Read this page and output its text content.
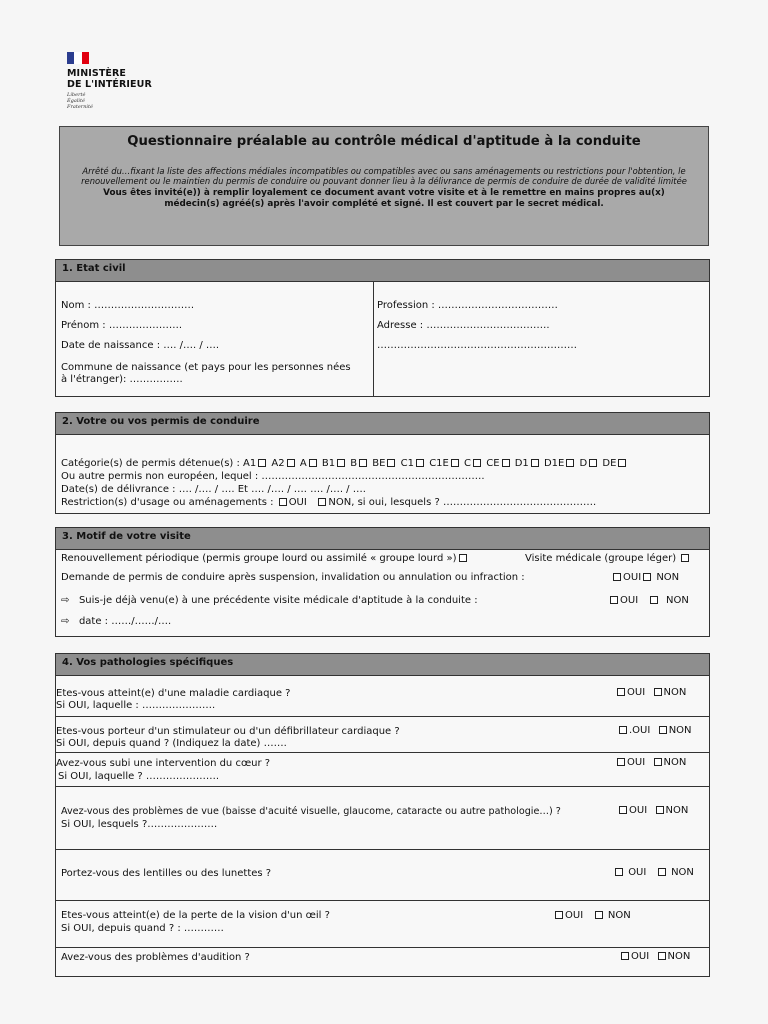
MINISTÈRE
DE L'INTÉRIEUR
Liberté
Égalité
Fraternité
Questionnaire préalable au contrôle médical d'aptitude à la conduite
Arrêté du…fixant la liste des affections médiales incompatibles ou compatibles avec ou sans aménagements ou restrictions pour l'obtention, le renouvellement ou le maintien du permis de conduire ou pouvant donner lieu à la délivrance de permis de conduire de durée de validité limitée
Vous êtes invité(e)) à remplir loyalement ce document avant votre visite et à le remettre en mains propres au(x) médecin(s) agréé(s) après l'avoir complété et signé. Il est couvert par le secret médical.
1. Etat civil
Nom : …………………………
Prénom : ………………….
Date de naissance : …. /…. / ….
Commune de naissance (et pays pour les personnes nées
à l'étranger): …………….
Profession : ………………………………
Adresse : ……………………………….
……………………………………………………
2. Votre ou vos permis de conduire
Catégorie(s) de permis détenue(s) : A1 A2 A B1 B BE C1 C1E C CE D1 D1E D DE
Ou autre permis non européen, lequel : ………………………………………………………….
Date(s) de délivrance : …. /…. / …. Et …. /…. / …. …. /…. / ….
Restriction(s) d'usage ou aménagements : OUI NON, si oui, lesquels ? ……………………………………….
3. Motif de votre visite
Renouvellement périodique (permis groupe lourd ou assimilé « groupe lourd »)	Visite médicale (groupe léger)
Demande de permis de conduire après suspension, invalidation ou annulation ou infraction :	OUI NON
⇨ Suis-je déjà venu(e) à une précédente visite médicale d'aptitude à la conduite :	OUI	NON
⇨ date : ……/……/….
4. Vos pathologies spécifiques
Etes-vous atteint(e) d'une maladie cardiaque ?
Si OUI, laquelle : ………………….
OUI NON
Etes-vous porteur d'un stimulateur ou d'un défibrillateur cardiaque ?
Si OUI, depuis quand ? (Indiquez la date) …….
.OUI NON
Avez-vous subi une intervention du cœur ?
Si OUI, laquelle ? ………………….
OUI NON
Avez-vous des problèmes de vue (baisse d'acuité visuelle, glaucome, cataracte ou autre pathologie…) ?
Si OUI, lesquels ?…………………
OUI NON
Portez-vous des lentilles ou des lunettes ?	OUI NON
Etes-vous atteint(e) de la perte de la vision d'un œil ?
Si OUI, depuis quand ? : …………
OUI NON
Avez-vous des problèmes d'audition ?	OUI NON
